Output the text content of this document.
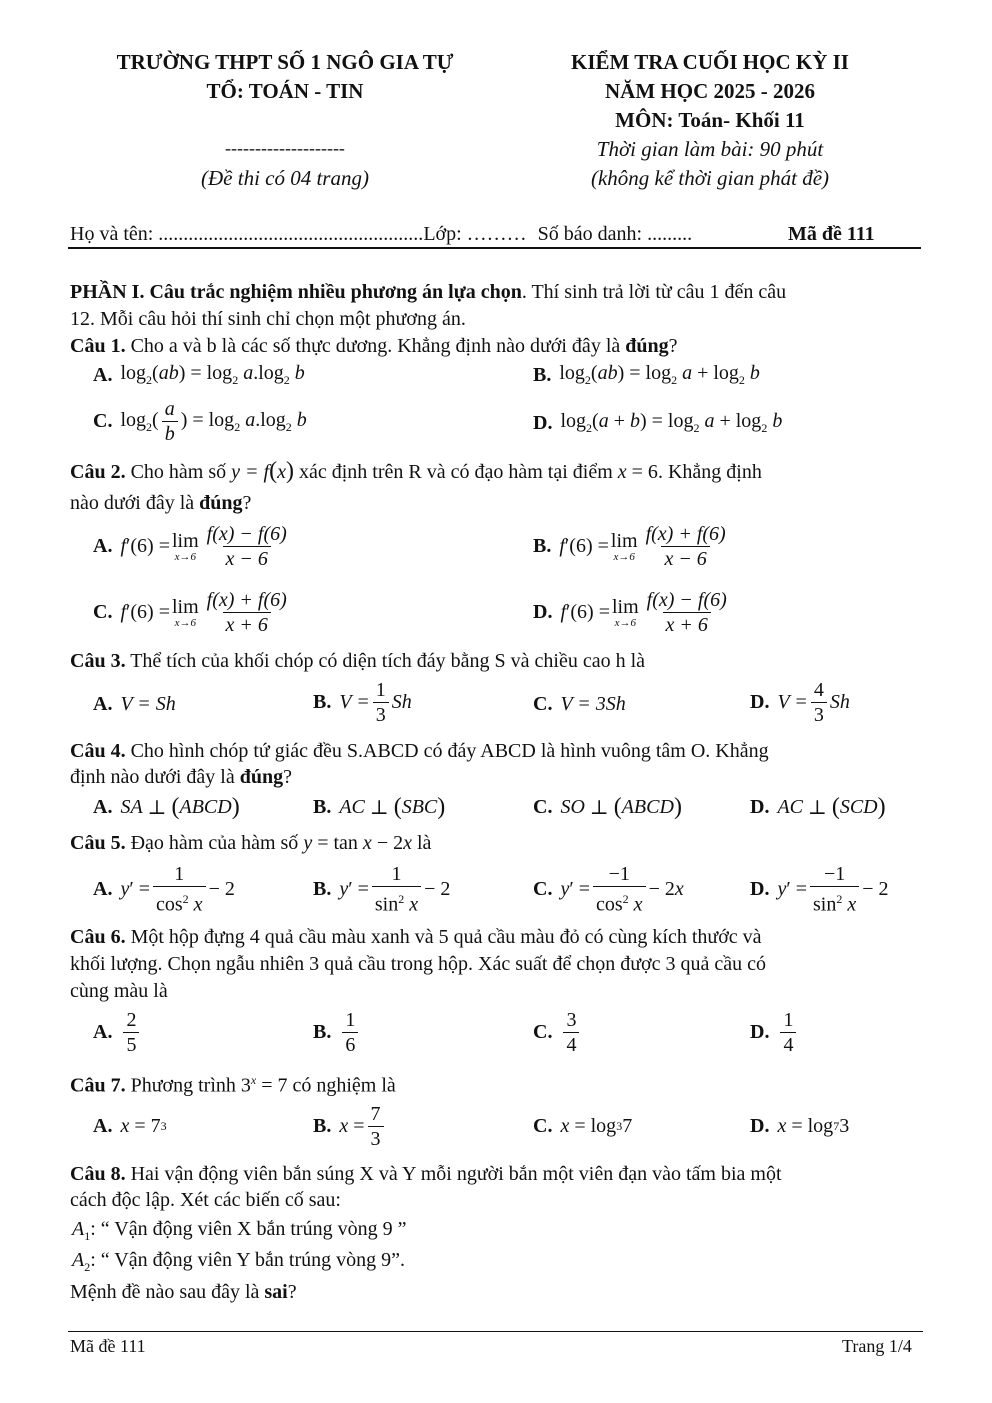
TRƯỜNG THPT SỐ 1 NGÔ GIA TỰ
TỔ: TOÁN - TIN
--------------------
(Đề thi có 04 trang)
KIỂM TRA CUỐI HỌC KỲ II
NĂM HỌC 2025 - 2026
MÔN: Toán- Khối 11
Thời gian làm bài: 90 phút
(không kể thời gian phát đề)
Họ và tên: .....................................................Lớp: ……… Số báo danh: .........	Mã đề 111
PHẦN I. Câu trắc nghiệm nhiều phương án lựa chọn. Thí sinh trả lời từ câu 1 đến câu
12. Mỗi câu hỏi thí sinh chỉ chọn một phương án.
Câu 1. Cho a và b là các số thực dương. Khẳng định nào dưới đây là đúng?
A. $\log_2(ab) = \log_2 a.\log_2$ b	B. $\log_2(ab) = \log_2 a + \log_2 b$
C. $\log_2( \frac{a}{b}$ ) = $\log_2 a.\log_2$ b	D. $\log_2(a + b) = \log_2 a + \log_2 b$
Câu 2. Cho hàm số y = f(x) xác định trên R và có đạo hàm tại điểm x = 6. Khẳng định
nào dưới đây là đúng?
A. f ′(6) = lim
$x\to 6 \frac{f(x) - f(6)}{x - 6}$	B. f ′(6) = lim
$x\to 6 \frac{f(x) + f(6)}{x - 6}$
C. f ′(6) = lim
$x\to 6 \frac{f(x) + f(6)}{x + 6}$	D. f ′(6) = lim
$x\to 6 \frac{f(x) - f(6)}{x + 6}$
Câu 3. Thể tích của khối chóp có diện tích đáy bằng S và chiều cao h là
A. V = Sh	B. $V = \frac{1}{3}$ Sh	C. V = 3Sh	D. $V = \frac{4}{3}$ Sh
Câu 4. Cho hình chóp tứ giác đều S.ABCD có đáy ABCD là hình vuông tâm O. Khẳng
định nào dưới đây là đúng?
A. SA ⊥ ( ABCD )	B. AC ⊥ ( SBC )	C. SO ⊥ ( ABCD )	D. AC ⊥ ( SCD )
Câu 5. Đạo hàm của hàm số y = tan x − 2x là
A. y ′ = $\frac{1}{\cos^2 x} - 2$	B. y ′ = $\frac{1}{\sin^2 x} - 2$	C. y ′ = $\frac{-1}{\cos^2 x} - 2$ x	D. y ′ = $\frac{-1}{\sin^2 x} - 2$
Câu 6. Một hộp đựng 4 quả cầu màu xanh và 5 quả cầu màu đỏ có cùng kích thước và
khối lượng. Chọn ngẫu nhiên 3 quả cầu trong hộp. Xác suất để chọn được 3 quả cầu có
cùng màu là
A. $\frac{2}{5}$	B. $\frac{1}{6}$	C. $\frac{3}{4}$	D. $\frac{1}{4}$
Câu 7. Phương trình $3^x = 7$ có nghiệm là
A. x = 7 3	B. $x = \frac{7}{3}$	C. x = log 3 7	D. x = log 7 3
Câu 8. Hai vận động viên bắn súng X và Y mỗi người bắn một viên đạn vào tấm bia một
cách độc lập. Xét các biến cố sau:
$A_1$: “ Vận động viên X bắn trúng vòng 9 ”
$A_2$: “ Vận động viên Y bắn trúng vòng 9”.
Mệnh đề nào sau đây là sai?
Mã đề 111	Trang 1/4
